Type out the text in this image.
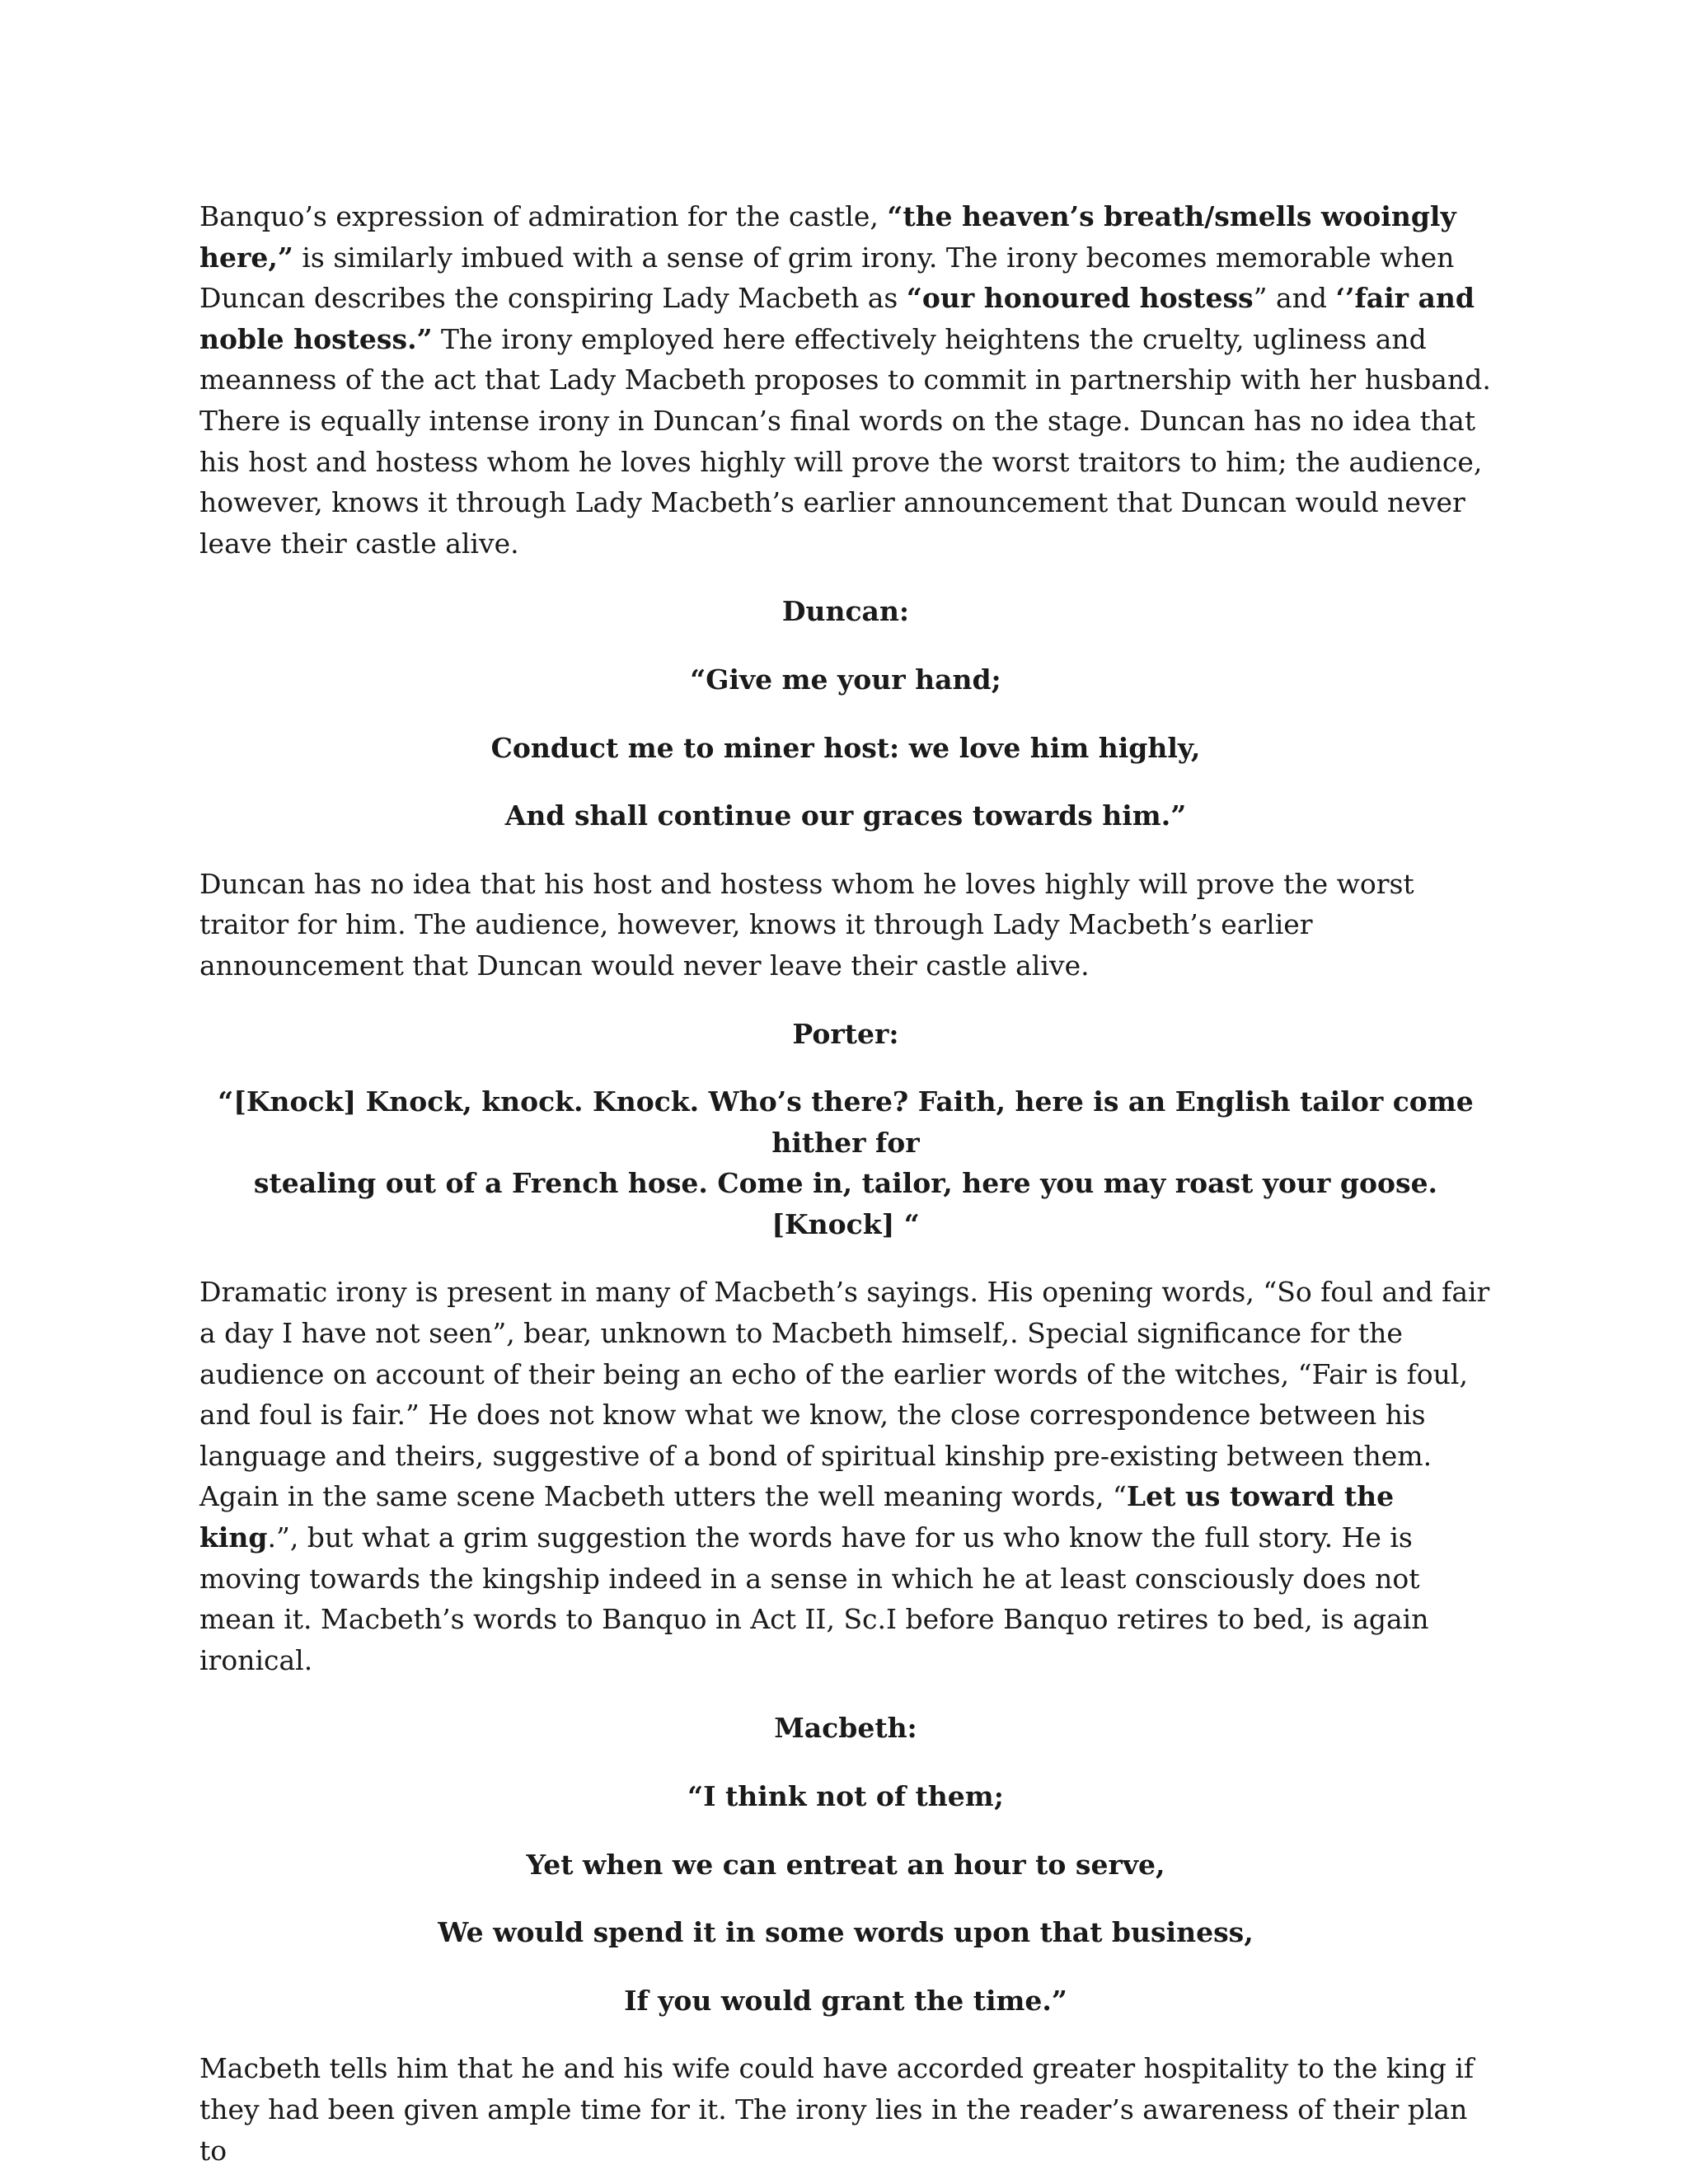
Banquo’s expression of admiration for the castle, “the heaven’s breath/smells wooingly here,” is similarly imbued with a sense of grim irony. The irony becomes memorable when Duncan describes the conspiring Lady Macbeth as “our honoured hostess” and ‘’fair and noble hostess.” The irony employed here effectively heightens the cruelty, ugliness and meanness of the act that Lady Macbeth proposes to commit in partnership with her husband. There is equally intense irony in Duncan’s final words on the stage. Duncan has no idea that his host and hostess whom he loves highly will prove the worst traitors to him; the audience, however, knows it through Lady Macbeth’s earlier announcement that Duncan would never leave their castle alive.

Duncan:

“Give me your hand;

Conduct me to miner host: we love him highly,

And shall continue our graces towards him.”

Duncan has no idea that his host and hostess whom he loves highly will prove the worst traitor for him. The audience, however, knows it through Lady Macbeth’s earlier announcement that Duncan would never leave their castle alive.

Porter:

“[Knock] Knock, knock. Knock. Who’s there? Faith, here is an English tailor come hither for
stealing out of a French hose. Come in, tailor, here you may roast your goose. [Knock] “

Dramatic irony is present in many of Macbeth’s sayings. His opening words, “So foul and fair a day I have not seen”, bear, unknown to Macbeth himself,. Special significance for the audience on account of their being an echo of the earlier words of the witches, “Fair is foul, and foul is fair.” He does not know what we know, the close correspondence between his language and theirs, suggestive of a bond of spiritual kinship pre-existing between them. Again in the same scene Macbeth utters the well meaning words, “Let us toward the king.”, but what a grim suggestion the words have for us who know the full story. He is moving towards the kingship indeed in a sense in which he at least consciously does not mean it. Macbeth’s words to Banquo in Act II, Sc.I before Banquo retires to bed, is again ironical.

Macbeth:

“I think not of them;

Yet when we can entreat an hour to serve,

We would spend it in some words upon that business,

If you would grant the time.”

Macbeth tells him that he and his wife could have accorded greater hospitality to the king if they had been given ample time for it. The irony lies in the reader’s awareness of their plan to
